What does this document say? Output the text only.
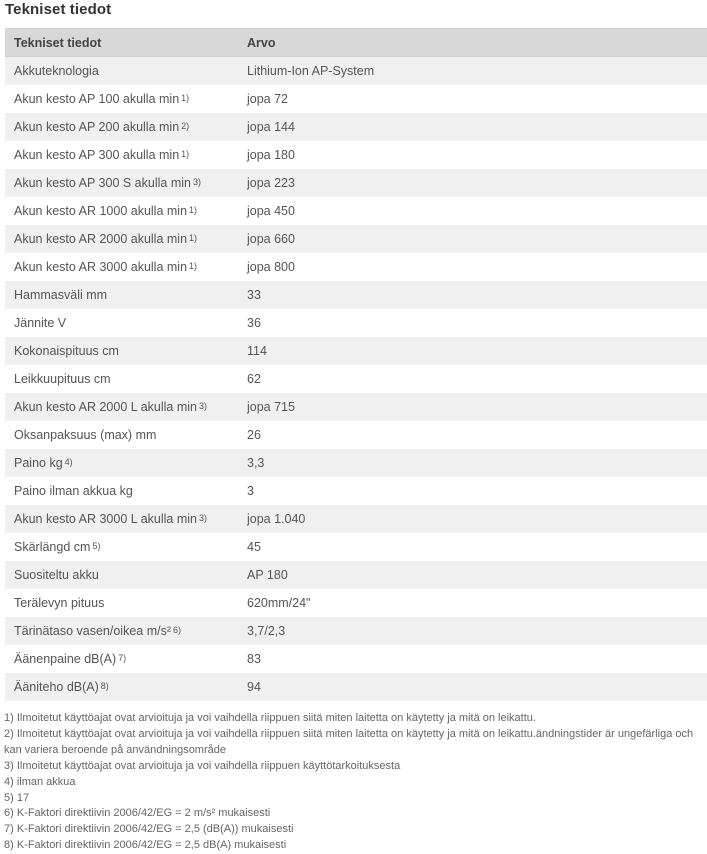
Tekniset tiedot
Tekniset tiedot	Arvo
Akkuteknologia	Lithium-Ion AP-System
Akun kesto AP 100 akulla min $^{1)}$	jopa 72
Akun kesto AP 200 akulla min $^{2)}$	jopa 144
Akun kesto AP 300 akulla min $^{1)}$	jopa 180
Akun kesto AP 300 S akulla min $^{3)}$	jopa 223
Akun kesto AR 1000 akulla min $^{1)}$	jopa 450
Akun kesto AR 2000 akulla min $^{1)}$	jopa 660
Akun kesto AR 3000 akulla min $^{1)}$	jopa 800
Hammasväli mm	33
Jännite V	36
Kokonaispituus cm	114
Leikkuupituus cm	62
Akun kesto AR 2000 L akulla min $^{3)}$	jopa 715
Oksanpaksuus (max) mm	26
Paino kg $^{4)}$	3,3
Paino ilman akkua kg	3
Akun kesto AR 3000 L akulla min $^{3)}$	jopa 1.040
Skärlängd cm $^{5)}$	45
Suositeltu akku	AP 180
Terälevyn pituus	620mm/24"
Tärinätaso vasen/oikea m/s² $^{6)}$	3,7/2,3
Äänenpaine dB(A) $^{7)}$	83
Ääniteho dB(A) $^{8)}$	94
1) Ilmoitetut käyttöajat ovat arvioituja ja voi vaihdella riippuen siitä miten laitetta on käytetty ja mitä on leikattu.
2) Ilmoitetut käyttöajat ovat arvioituja ja voi vaihdella riippuen siitä miten laitetta on käytetty ja mitä on leikattu.ändningstider är ungefärliga och kan variera beroende på användningsområde
3) Ilmoitetut käyttöajat ovat arvioituja ja voi vaihdella riippuen käyttötarkoituksesta
4) ilman akkua
5) 17
6) K-Faktori direktiivin 2006/42/EG = 2 m/s² mukaisesti
7) K-Faktori direktiivin 2006/42/EG = 2,5 (dB(A)) mukaisesti
8) K-Faktori direktiivin 2006/42/EG = 2,5 dB(A) mukaisesti
